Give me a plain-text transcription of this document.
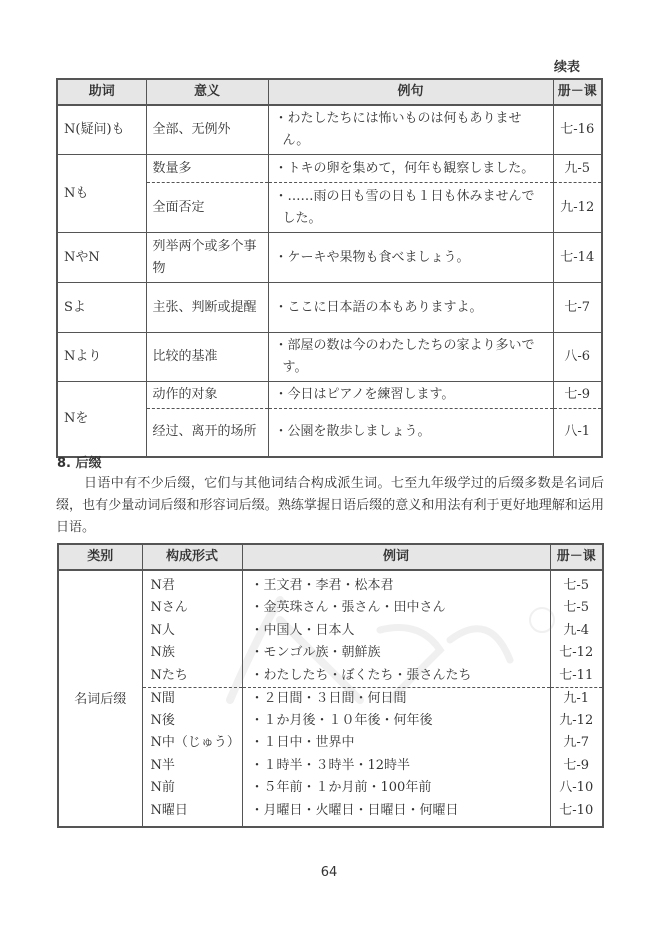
续表
助词	意义	例句	册－课
N(疑问)も	全部、无例外	・わたしたちには怖いものは何もありません。	七-16
Nも	数量多	・トキの卵を集めて，何年も観察しました。	九-5
	全面否定	・……雨の日も雪の日も１日も休みませんでした。	九-12
NやN	列举两个或多个事物	・ケーキや果物も食べましょう。	七-14
Sよ	主张、判断或提醒	・ここに日本語の本もありますよ。	七-7
Nより	比较的基准	・部屋の数は今のわたしたちの家より多いです。	八-6
Nを	动作的对象	・今日はピアノを練習します。	七-9
	经过、离开的场所	・公園を散歩しましょう。	八-1
8. 后缀

日语中有不少后缀，它们与其他词结合构成派生词。七至九年级学过的后缀多数是名词后缀，也有少量动词后缀和形容词后缀。熟练掌握日语后缀的意义和用法有利于更好地理解和运用日语。

类别	构成形式	例词	册－课
名词后缀	N君	・王文君・李君・松本君	七-5
	Nさん	・金英珠さん・張さん・田中さん	七-5
	N人	・中国人・日本人	九-4
	N族	・モンゴル族・朝鮮族	七-12
	Nたち	・わたしたち・ぼくたち・張さんたち	七-11
	N間	・２日間・３日間・何日間	九-1
	N後	・１か月後・１０年後・何年後	九-12
	N中（じゅう）	・１日中・世界中	九-7
	N半	・１時半・３時半・12時半	七-9
	N前	・５年前・１か月前・100年前	八-10
	N曜日	・月曜日・火曜日・日曜日・何曜日	七-10
64
